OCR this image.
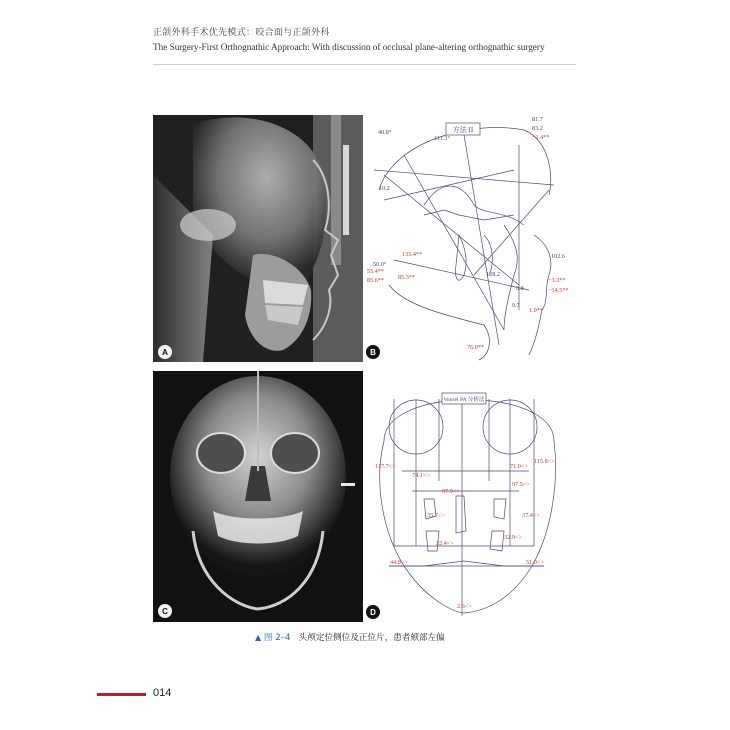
正颌外科手术优先模式：咬合面与正颌外科
The Surgery-First Orthognathic Approach: With discussion of occlusal plane-altering orthognathic surgery
A
方法 II
40.8°
111.3°
81.7
83.2
10.2
102.6
50.0°
128.2
6.8
9.7
−1.4**
135.4**
55.4**
85.6** 85.3**	−3.3**
−14.5**
1.0**
76.0**
B
C
Vonsel PA 分析法
117.7<>
74.1<>
71.0<>
115.8<>
97.9<>
97.5<>
35.7<>	37.4<>
32.4<>
32.9<>
44.8<>	51.0<>
2.6<>
D
▲ 图 2–4 头颅定位侧位及正位片，患者颏部左偏
014
